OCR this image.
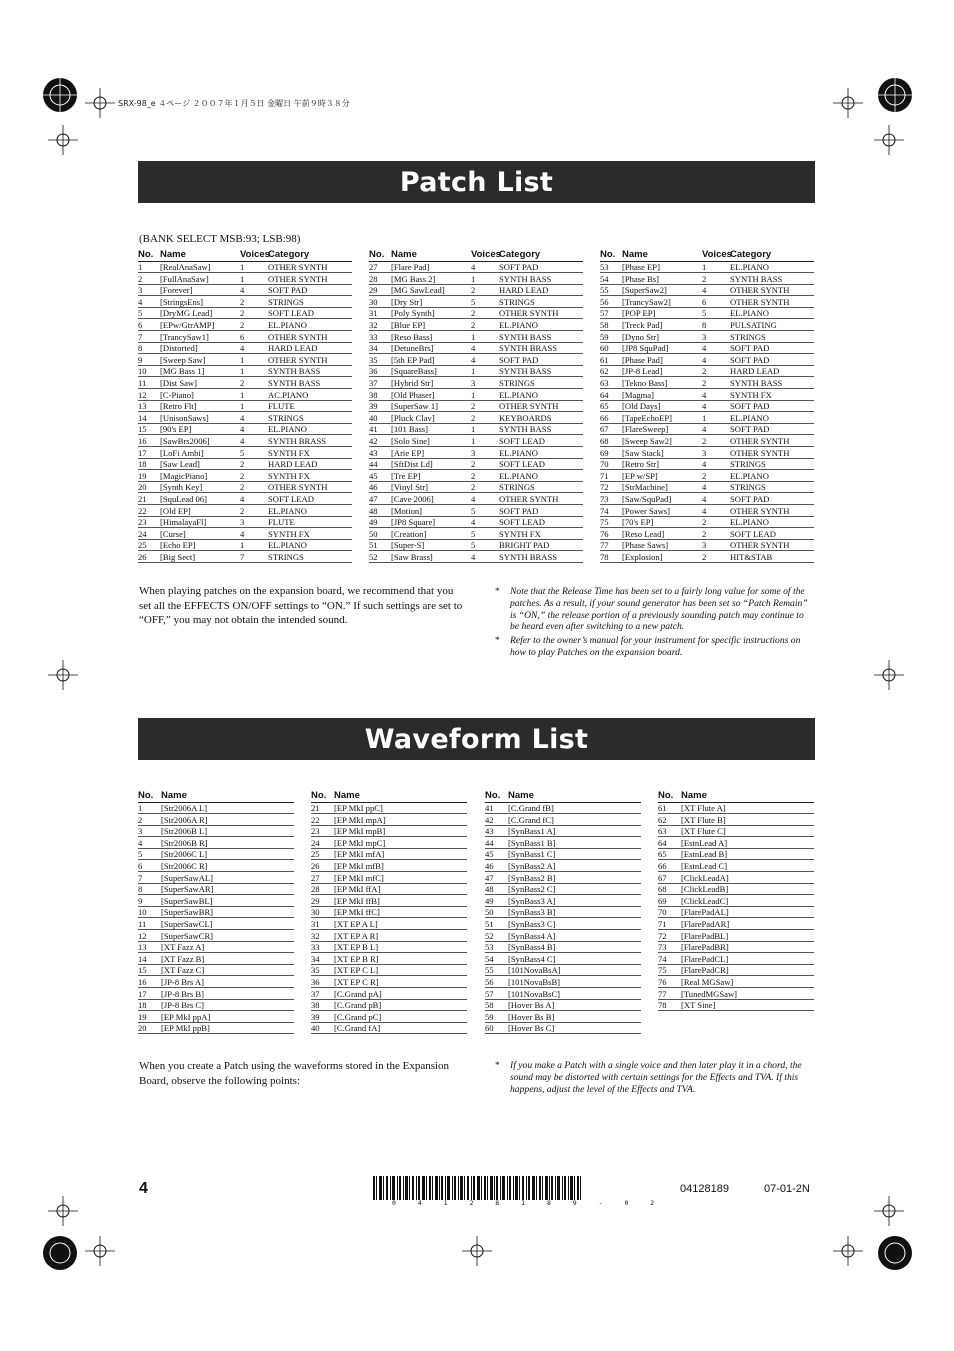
SRX-98_e ４ページ ２００７年１月５日 金曜日 午前９時３８分
Patch List
(BANK SELECT MSB:93; LSB:98)
No.	Name	Voices	Category
1	[RealAnaSaw]	1	OTHER SYNTH
2	[FullAnaSaw]	1	OTHER SYNTH
3	[Forever]	4	SOFT PAD
4	[StringsEns]	2	STRINGS
5	[DryMG Lead]	2	SOFT LEAD
6	[EPw/GtrAMP]	2	EL.PIANO
7	[TrancySaw1]	6	OTHER SYNTH
8	[Distorted]	4	HARD LEAD
9	[Sweep Saw]	1	OTHER SYNTH
10	[MG Bass 1]	1	SYNTH BASS
11	[Dist Saw]	2	SYNTH BASS
12	[C-Piano]	1	AC.PIANO
13	[Retro Flt]	1	FLUTE
14	[UnisonSaws]	4	STRINGS
15	[90's EP]	4	EL.PIANO
16	[SawBrs2006]	4	SYNTH BRASS
17	[LoFi Ambi]	5	SYNTH FX
18	[Saw Lead]	2	HARD LEAD
19	[MagicPiano]	2	SYNTH FX
20	[Synth Key]	2	OTHER SYNTH
21	[SquLead 06]	4	SOFT LEAD
22	[Old EP]	2	EL.PIANO
23	[HimalayaFl]	3	FLUTE
24	[Curse]	4	SYNTH FX
25	[Echo EP]	1	EL.PIANO
26	[Big Sect]	7	STRINGS
No.	Name	Voices	Category
27	[Flare Pad]	4	SOFT PAD
28	[MG Bass 2]	1	SYNTH BASS
29	[MG SawLead]	2	HARD LEAD
30	[Dry Str]	5	STRINGS
31	[Poly Synth]	2	OTHER SYNTH
32	[Blue EP]	2	EL.PIANO
33	[Reso Bass]	1	SYNTH BASS
34	[DetuneBrs]	4	SYNTH BRASS
35	[5th EP Pad]	4	SOFT PAD
36	[SquareBass]	1	SYNTH BASS
37	[Hybrid Str]	3	STRINGS
38	[Old Phaser]	1	EL.PIANO
39	[SuperSaw 1]	2	OTHER SYNTH
40	[Pluck Clav]	2	KEYBOARDS
41	[101 Bass]	1	SYNTH BASS
42	[Solo Sine]	1	SOFT LEAD
43	[Arie EP]	3	EL.PIANO
44	[SftDist Ld]	2	SOFT LEAD
45	[Tre EP]	2	EL.PIANO
46	[Vinyl Str]	2	STRINGS
47	[Cave 2006]	4	OTHER SYNTH
48	[Motion]	5	SOFT PAD
49	[JP8 Square]	4	SOFT LEAD
50	[Creation]	5	SYNTH FX
51	[Super-S]	5	BRIGHT PAD
52	[Saw Brass]	4	SYNTH BRASS
No.	Name	Voices	Category
53	[Phase EP]	1	EL.PIANO
54	[Phase Bs]	2	SYNTH BASS
55	[SuperSaw2]	4	OTHER SYNTH
56	[TrancySaw2]	6	OTHER SYNTH
57	[POP EP]	5	EL.PIANO
58	[Treck Pad]	8	PULSATING
59	[Dyno Str]	3	STRINGS
60	[JP8 SquPad]	4	SOFT PAD
61	[Phase Pad]	4	SOFT PAD
62	[JP-8 Lead]	2	HARD LEAD
63	[Tekno Bass]	2	SYNTH BASS
64	[Magma]	4	SYNTH FX
65	[Old Days]	4	SOFT PAD
66	[TapeEchoEP]	1	EL.PIANO
67	[FlareSweep]	4	SOFT PAD
68	[Sweep Saw2]	2	OTHER SYNTH
69	[Saw Stack]	3	OTHER SYNTH
70	[Retro Str]	4	STRINGS
71	[EP w/SP]	2	EL.PIANO
72	[StrMachine]	4	STRINGS
73	[Saw/SquPad]	4	SOFT PAD
74	[Power Saws]	4	OTHER SYNTH
75	[70's EP]	2	EL.PIANO
76	[Reso Lead]	2	SOFT LEAD
77	[Phase Saws]	3	OTHER SYNTH
78	[Explosion]	2	HIT&STAB
When playing patches on the expansion board, we recommend that you set all the EFFECTS ON/OFF settings to “ON.” If such settings are set to “OFF,” you may not obtain the intended sound.
* Note that the Release Time has been set to a fairly long value for some of the patches. As a result, if your sound generator has been set so “Patch Remain” is “ON,” the release portion of a previously sounding patch may continue to be heard even after switching to a new patch.
* Refer to the owner’s manual for your instrument for specific instructions on how to play Patches on the expansion board.
Waveform List
No.	Name
1	[Str2006A L]
2	[Str2006A R]
3	[Str2006B L]
4	[Str2006B R]
5	[Str2006C L]
6	[Str2006C R]
7	[SuperSawAL]
8	[SuperSawAR]
9	[SuperSawBL]
10	[SuperSawBR]
11	[SuperSawCL]
12	[SuperSawCR]
13	[XT Fazz A]
14	[XT Fazz B]
15	[XT Fazz C]
16	[JP-8 Brs A]
17	[JP-8 Brs B]
18	[JP-8 Brs C]
19	[EP MkI ppA]
20	[EP MkI ppB]
No.	Name
21	[EP MkI ppC]
22	[EP MkI mpA]
23	[EP MkI mpB]
24	[EP MkI mpC]
25	[EP MkI mfA]
26	[EP MkI mfB]
27	[EP MkI mfC]
28	[EP MkI ffA]
29	[EP MkI ffB]
30	[EP MkI ffC]
31	[XT EP A L]
32	[XT EP A R]
33	[XT EP B L]
34	[XT EP B R]
35	[XT EP C L]
36	[XT EP C R]
37	[C.Grand pA]
38	[C.Grand pB]
39	[C.Grand pC]
40	[C.Grand fA]
No.	Name
41	[C.Grand fB]
42	[C.Grand fC]
43	[SynBass1 A]
44	[SynBass1 B]
45	[SynBass1 C]
46	[SynBass2 A]
47	[SynBass2 B]
48	[SynBass2 C]
49	[SynBass3 A]
50	[SynBass3 B]
51	[SynBass3 C]
52	[SynBass4 A]
53	[SynBass4 B]
54	[SynBass4 C]
55	[101NovaBsA]
56	[101NovaBsB]
57	[101NovaBsC]
58	[Hover Bs A]
59	[Hover Bs B]
60	[Hover Bs C]
No.	Name
61	[XT Flute A]
62	[XT Flute B]
63	[XT Flute C]
64	[EstnLead A]
65	[EstnLead B]
66	[EstnLead C]
67	[ClickLeadA]
68	[ClickLeadB]
69	[ClickLeadC]
70	[FlarePadAL]
71	[FlarePadAR]
72	[FlarePadBL]
73	[FlarePadBR]
74	[FlarePadCL]
75	[FlarePadCR]
76	[Real MGSaw]
77	[TunedMGSaw]
78	[XT Sine]
When you create a Patch using the waveforms stored in the Expansion Board, observe the following points:
* If you make a Patch with a single voice and then later play it in a chord, the sound may be distorted with certain settings for the Effects and TVA. If this happens, adjust the level of the Effects and TVA.
4
0 4 1 2 8 1 8 9 - 0 2
04128189	07-01-2N
